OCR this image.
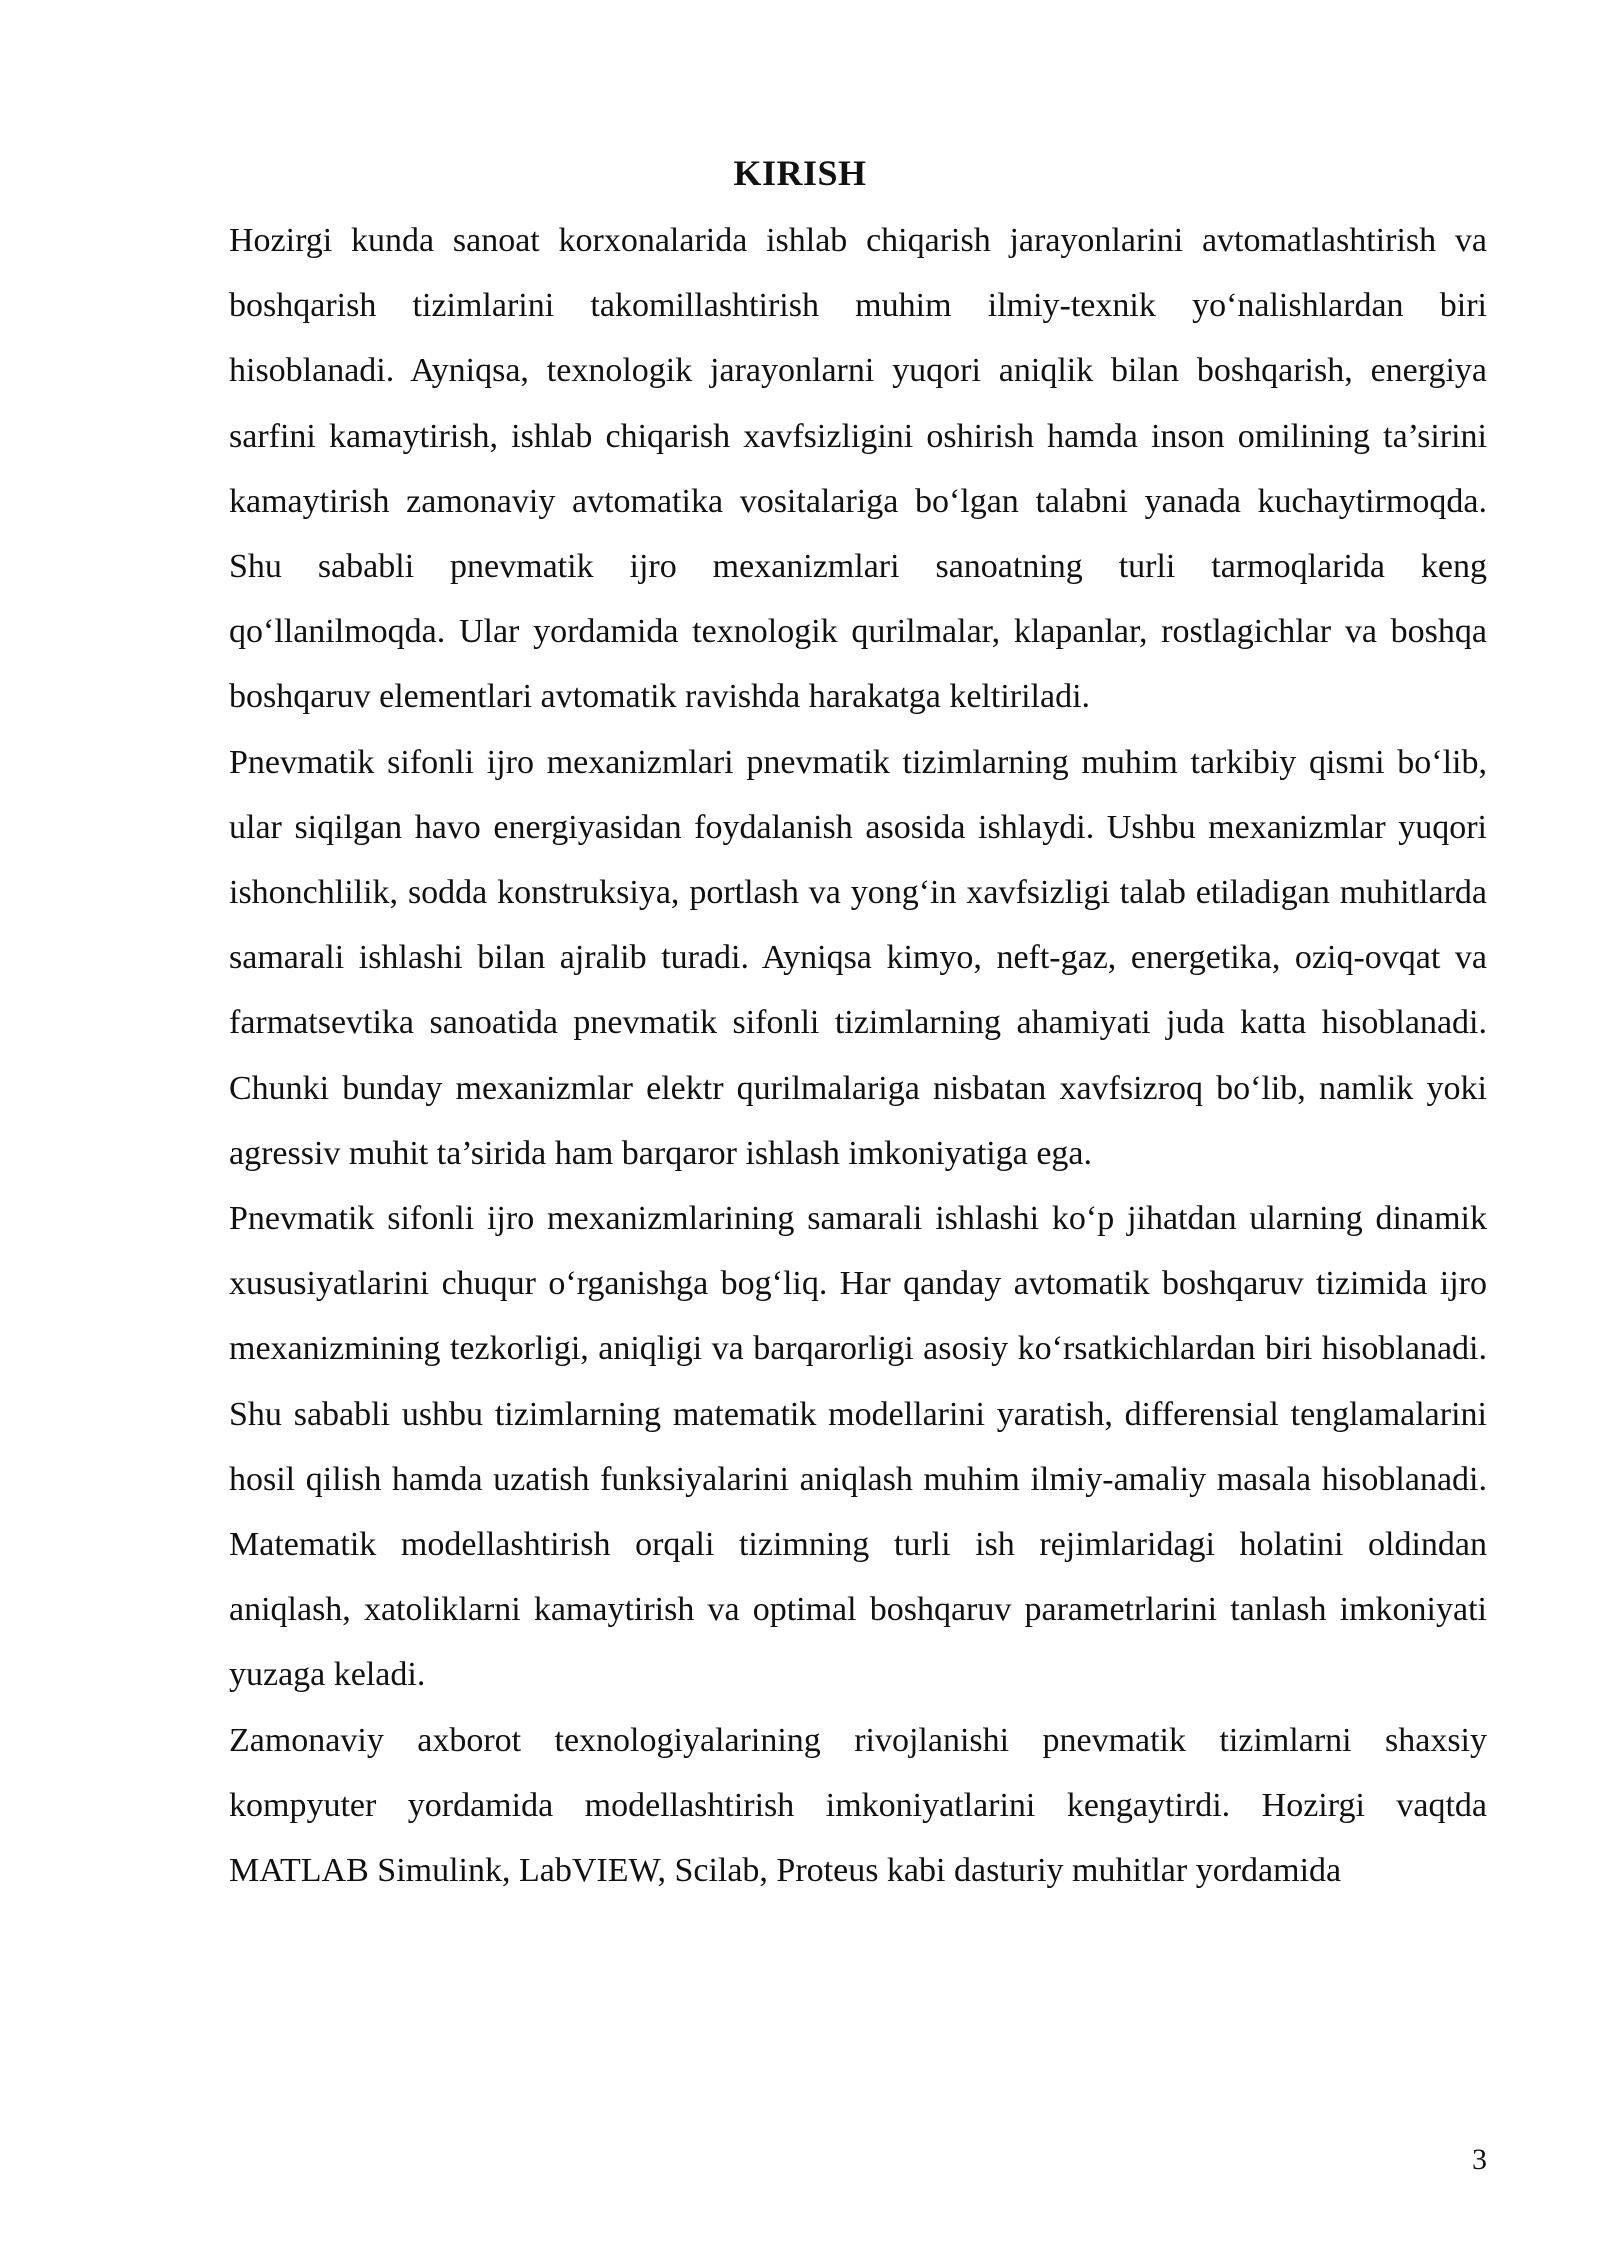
KIRISH

Hozirgi kunda sanoat korxonalarida ishlab chiqarish jarayonlarini avtomatlashtirish va boshqarish tizimlarini takomillashtirish muhim ilmiy-texnik yo‘nalishlardan biri hisoblanadi. Ayniqsa, texnologik jarayonlarni yuqori aniqlik bilan boshqarish, energiya sarfini kamaytirish, ishlab chiqarish xavfsizligini oshirish hamda inson omilining ta’sirini kamaytirish zamonaviy avtomatika vositalariga bo‘lgan talabni yanada kuchaytirmoqda. Shu sababli pnevmatik ijro mexanizmlari sanoatning turli tarmoqlarida keng qo‘llanilmoqda. Ular yordamida texnologik qurilmalar, klapanlar, rostlagichlar va boshqa boshqaruv elementlari avtomatik ravishda harakatga keltiriladi.

Pnevmatik sifonli ijro mexanizmlari pnevmatik tizimlarning muhim tarkibiy qismi bo‘lib, ular siqilgan havo energiyasidan foydalanish asosida ishlaydi. Ushbu mexanizmlar yuqori ishonchlilik, sodda konstruksiya, portlash va yong‘in xavfsizligi talab etiladigan muhitlarda samarali ishlashi bilan ajralib turadi. Ayniqsa kimyo, neft-gaz, energetika, oziq-ovqat va farmatsevtika sanoatida pnevmatik sifonli tizimlarning ahamiyati juda katta hisoblanadi. Chunki bunday mexanizmlar elektr qurilmalariga nisbatan xavfsizroq bo‘lib, namlik yoki agressiv muhit ta’sirida ham barqaror ishlash imkoniyatiga ega.

Pnevmatik sifonli ijro mexanizmlarining samarali ishlashi ko‘p jihatdan ularning dinamik xususiyatlarini chuqur o‘rganishga bog‘liq. Har qanday avtomatik boshqaruv tizimida ijro mexanizmining tezkorligi, aniqligi va barqarorligi asosiy ko‘rsatkichlardan biri hisoblanadi. Shu sababli ushbu tizimlarning matematik modellarini yaratish, differensial tenglamalarini hosil qilish hamda uzatish funksiyalarini aniqlash muhim ilmiy-amaliy masala hisoblanadi. Matematik modellashtirish orqali tizimning turli ish rejimlaridagi holatini oldindan aniqlash, xatoliklarni kamaytirish va optimal boshqaruv parametrlarini tanlash imkoniyati yuzaga keladi.

Zamonaviy axborot texnologiyalarining rivojlanishi pnevmatik tizimlarni shaxsiy kompyuter yordamida modellashtirish imkoniyatlarini kengaytirdi. Hozirgi vaqtda MATLAB Simulink, LabVIEW, Scilab, Proteus kabi dasturiy muhitlar yordamida

3
